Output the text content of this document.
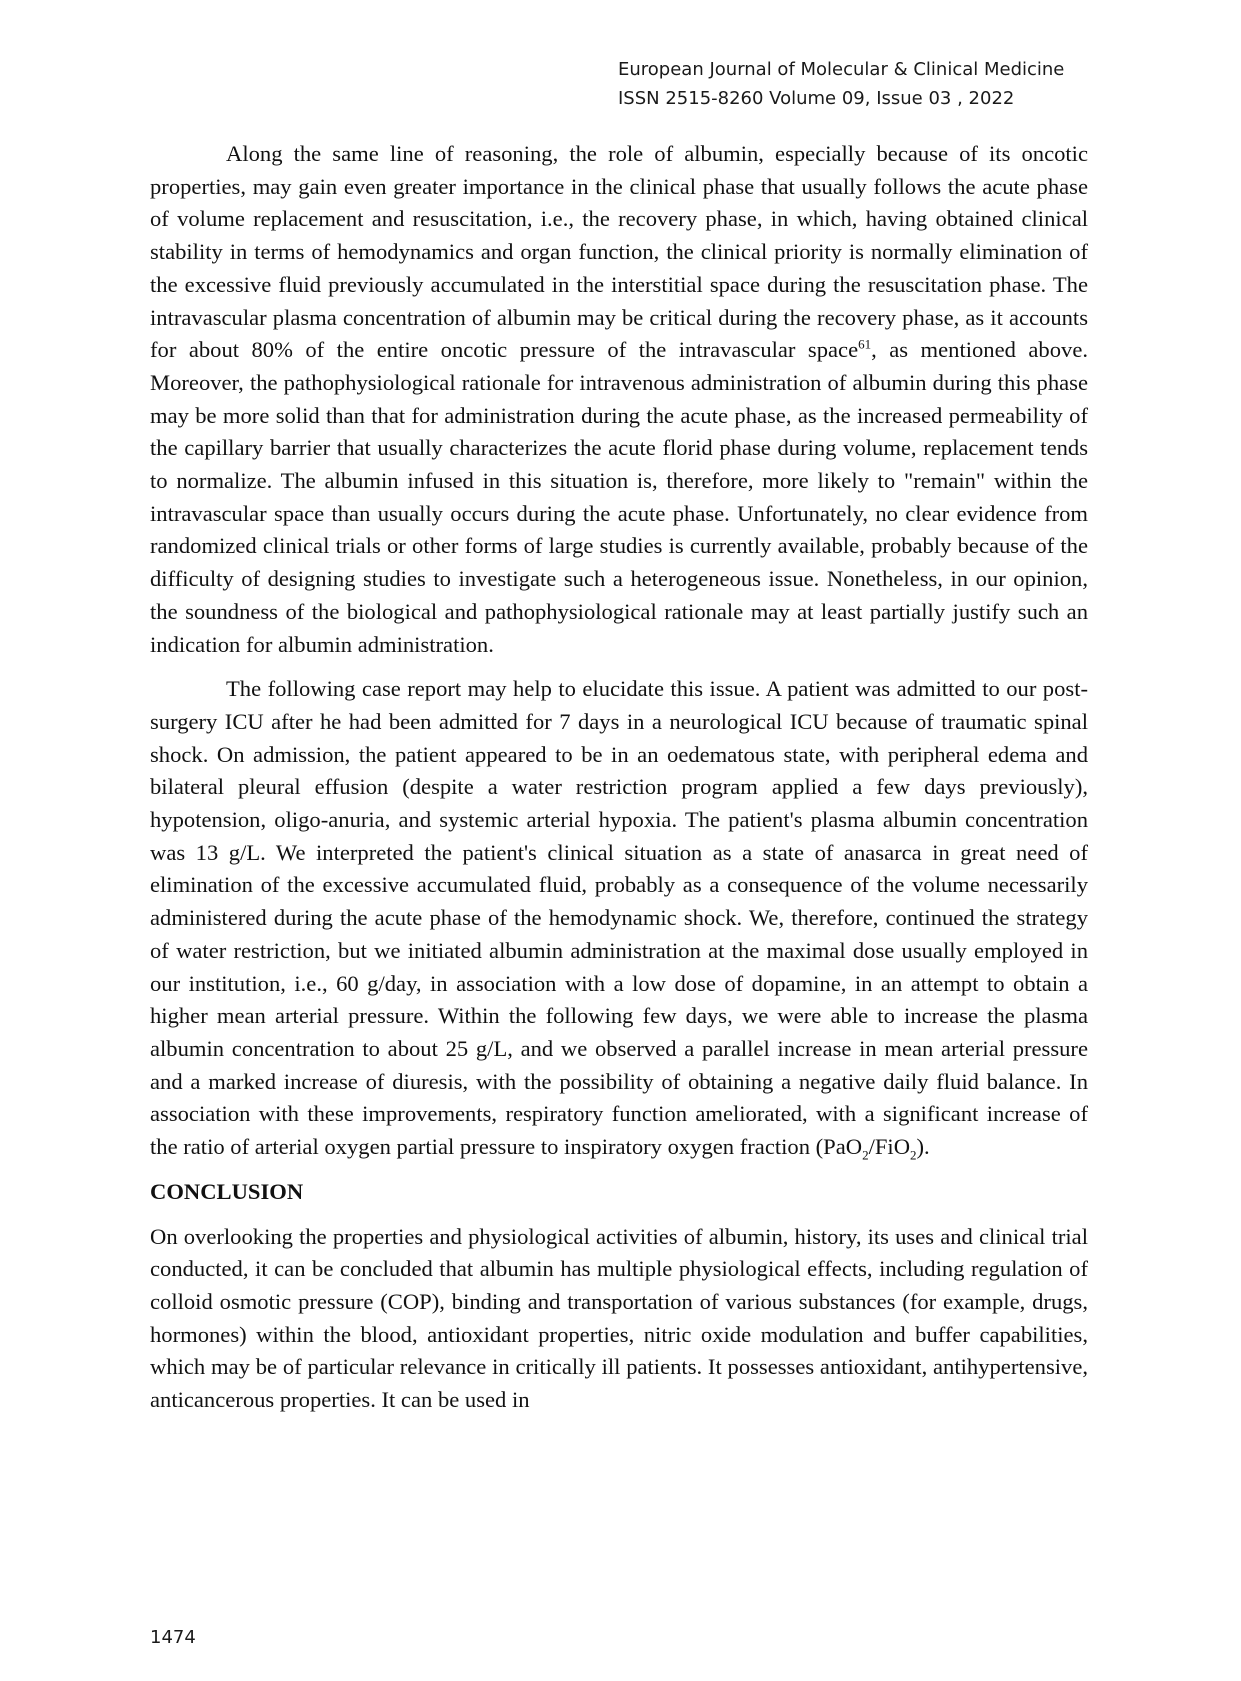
European Journal of Molecular & Clinical Medicine
ISSN 2515-8260 Volume 09, Issue 03 , 2022

Along the same line of reasoning, the role of albumin, especially because of its oncotic properties, may gain even greater importance in the clinical phase that usually follows the acute phase of volume replacement and resuscitation, i.e., the recovery phase, in which, having obtained clinical stability in terms of hemodynamics and organ function, the clinical priority is normally elimination of the excessive fluid previously accumulated in the interstitial space during the resuscitation phase. The intravascular plasma concentration of albumin may be critical during the recovery phase, as it accounts for about 80% of the entire oncotic pressure of the intravascular space$^{61}$, as mentioned above. Moreover, the pathophysiological rationale for intravenous administration of albumin during this phase may be more solid than that for administration during the acute phase, as the increased permeability of the capillary barrier that usually characterizes the acute florid phase during volume, replacement tends to normalize. The albumin infused in this situation is, therefore, more likely to "remain" within the intravascular space than usually occurs during the acute phase. Unfortunately, no clear evidence from randomized clinical trials or other forms of large studies is currently available, probably because of the difficulty of designing studies to investigate such a heterogeneous issue. Nonetheless, in our opinion, the soundness of the biological and pathophysiological rationale may at least partially justify such an indication for albumin administration.

The following case report may help to elucidate this issue. A patient was admitted to our post-surgery ICU after he had been admitted for 7 days in a neurological ICU because of traumatic spinal shock. On admission, the patient appeared to be in an oedematous state, with peripheral edema and bilateral pleural effusion (despite a water restriction program applied a few days previously), hypotension, oligo-anuria, and systemic arterial hypoxia. The patient's plasma albumin concentration was 13 g/L. We interpreted the patient's clinical situation as a state of anasarca in great need of elimination of the excessive accumulated fluid, probably as a consequence of the volume necessarily administered during the acute phase of the hemodynamic shock. We, therefore, continued the strategy of water restriction, but we initiated albumin administration at the maximal dose usually employed in our institution, i.e., 60 g/day, in association with a low dose of dopamine, in an attempt to obtain a higher mean arterial pressure. Within the following few days, we were able to increase the plasma albumin concentration to about 25 g/L, and we observed a parallel increase in mean arterial pressure and a marked increase of diuresis, with the possibility of obtaining a negative daily fluid balance. In association with these improvements, respiratory function ameliorated, with a significant increase of the ratio of arterial oxygen partial pressure to inspiratory oxygen fraction (PaO$_2$/FiO$_2$).

CONCLUSION

On overlooking the properties and physiological activities of albumin, history, its uses and clinical trial conducted, it can be concluded that albumin has multiple physiological effects, including regulation of colloid osmotic pressure (COP), binding and transportation of various substances (for example, drugs, hormones) within the blood, antioxidant properties, nitric oxide modulation and buffer capabilities, which may be of particular relevance in critically ill patients. It possesses antioxidant, antihypertensive, anticancerous properties. It can be used in

1474
